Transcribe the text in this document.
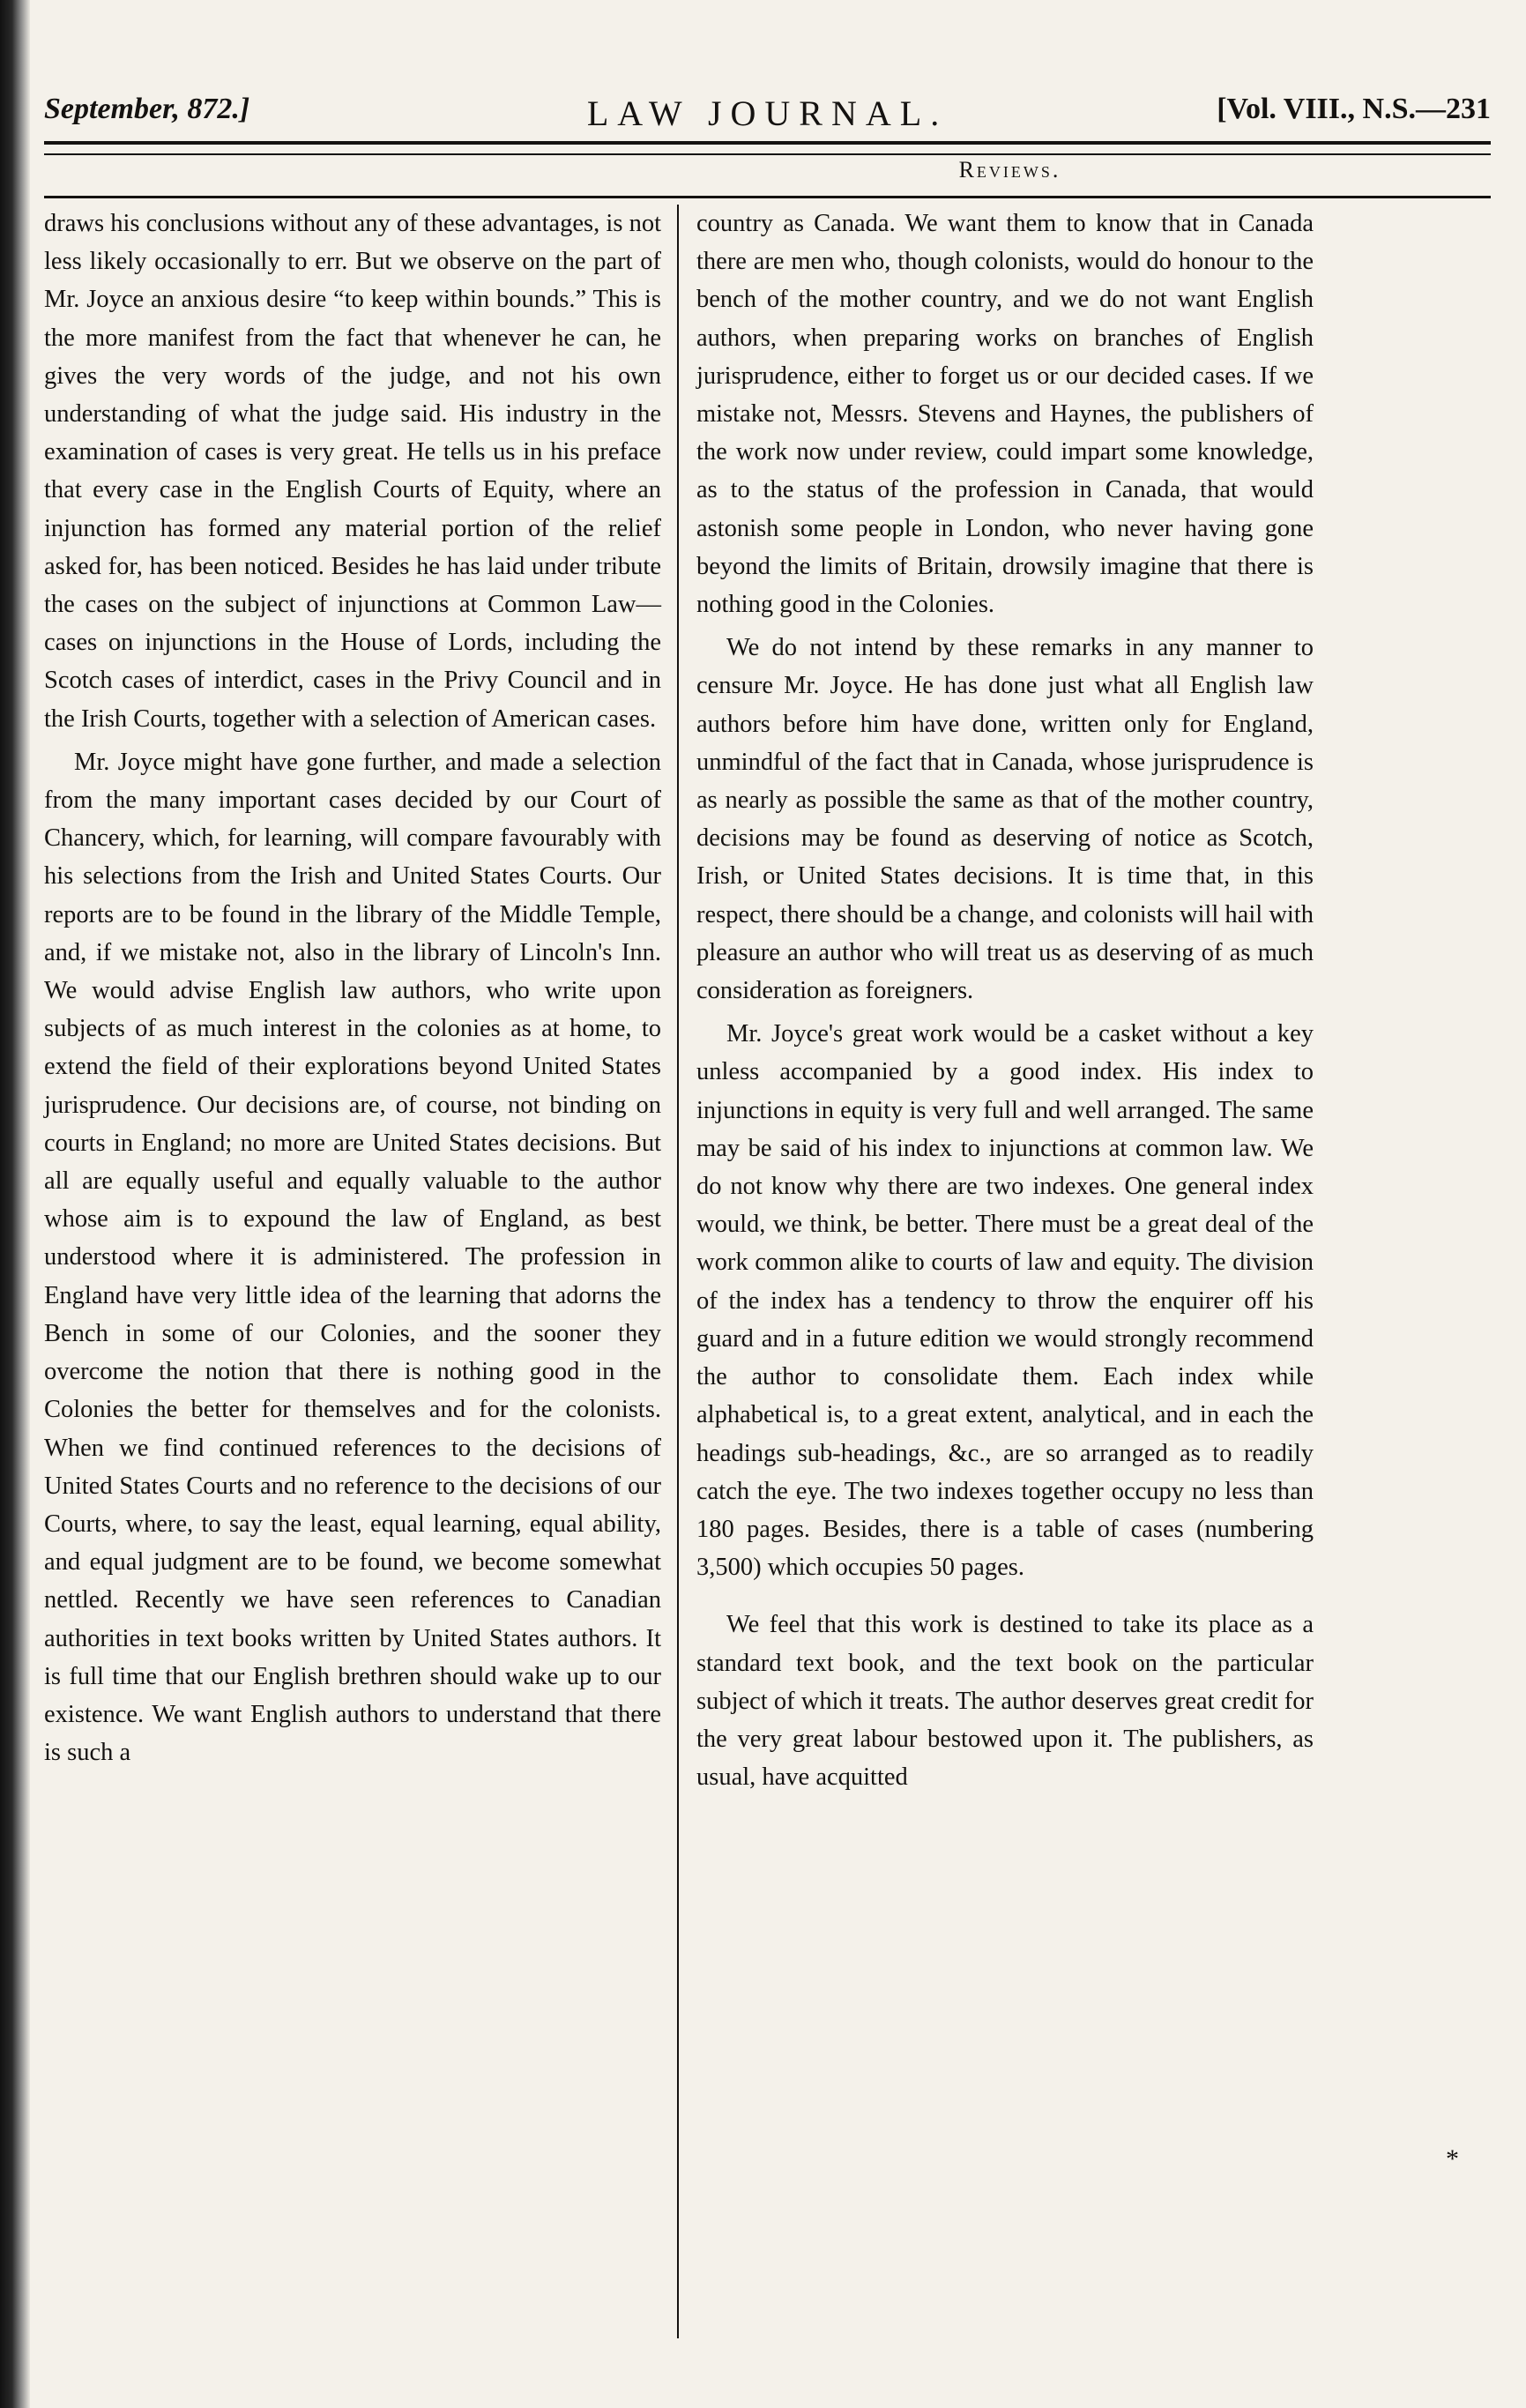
September, 872.]	LAW JOURNAL.	[Vol. VIII., N.S.—231
Reviews.

draws his conclusions without any of these advantages, is not less likely occasionally to err. But we observe on the part of Mr. Joyce an anxious desire “to keep within bounds.” This is the more manifest from the fact that whenever he can, he gives the very words of the judge, and not his own understanding of what the judge said. His industry in the examination of cases is very great. He tells us in his preface that every case in the English Courts of Equity, where an injunction has formed any material portion of the relief asked for, has been noticed. Besides he has laid under tribute the cases on the subject of injunctions at Common Law—cases on injunctions in the House of Lords, including the Scotch cases of interdict, cases in the Privy Council and in the Irish Courts, together with a selection of American cases.

Mr. Joyce might have gone further, and made a selection from the many important cases decided by our Court of Chancery, which, for learning, will compare favourably with his selections from the Irish and United States Courts. Our reports are to be found in the library of the Middle Temple, and, if we mistake not, also in the library of Lincoln's Inn. We would advise English law authors, who write upon subjects of as much interest in the colonies as at home, to extend the field of their explorations beyond United States jurisprudence. Our decisions are, of course, not binding on courts in England; no more are United States decisions. But all are equally useful and equally valuable to the author whose aim is to expound the law of England, as best understood where it is administered. The profession in England have very little idea of the learning that adorns the Bench in some of our Colonies, and the sooner they overcome the notion that there is nothing good in the Colonies the better for themselves and for the colonists. When we find continued references to the decisions of United States Courts and no reference to the decisions of our Courts, where, to say the least, equal learning, equal ability, and equal judgment are to be found, we become somewhat nettled. Recently we have seen references to Canadian authorities in text books written by United States authors. It is full time that our English brethren should wake up to our existence. We want English authors to understand that there is such a

country as Canada. We want them to know that in Canada there are men who, though colonists, would do honour to the bench of the mother country, and we do not want English authors, when preparing works on branches of English jurisprudence, either to forget us or our decided cases. If we mistake not, Messrs. Stevens and Haynes, the publishers of the work now under review, could impart some knowledge, as to the status of the profession in Canada, that would astonish some people in London, who never having gone beyond the limits of Britain, drowsily imagine that there is nothing good in the Colonies.

We do not intend by these remarks in any manner to censure Mr. Joyce. He has done just what all English law authors before him have done, written only for England, unmindful of the fact that in Canada, whose jurisprudence is as nearly as possible the same as that of the mother country, decisions may be found as deserving of notice as Scotch, Irish, or United States decisions. It is time that, in this respect, there should be a change, and colonists will hail with pleasure an author who will treat us as deserving of as much consideration as foreigners.

Mr. Joyce's great work would be a casket without a key unless accompanied by a good index. His index to injunctions in equity is very full and well arranged. The same may be said of his index to injunctions at common law. We do not know why there are two indexes. One general index would, we think, be better. There must be a great deal of the work common alike to courts of law and equity. The division of the index has a tendency to throw the enquirer off his guard and in a future edition we would strongly recommend the author to consolidate them. Each index while alphabetical is, to a great extent, analytical, and in each the headings sub-headings, &c., are so arranged as to readily catch the eye. The two indexes together occupy no less than 180 pages. Besides, there is a table of cases (numbering 3,500) which occupies 50 pages.

We feel that this work is destined to take its place as a standard text book, and the text book on the particular subject of which it treats. The author deserves great credit for the very great labour bestowed upon it. The publishers, as usual, have acquitted

*
